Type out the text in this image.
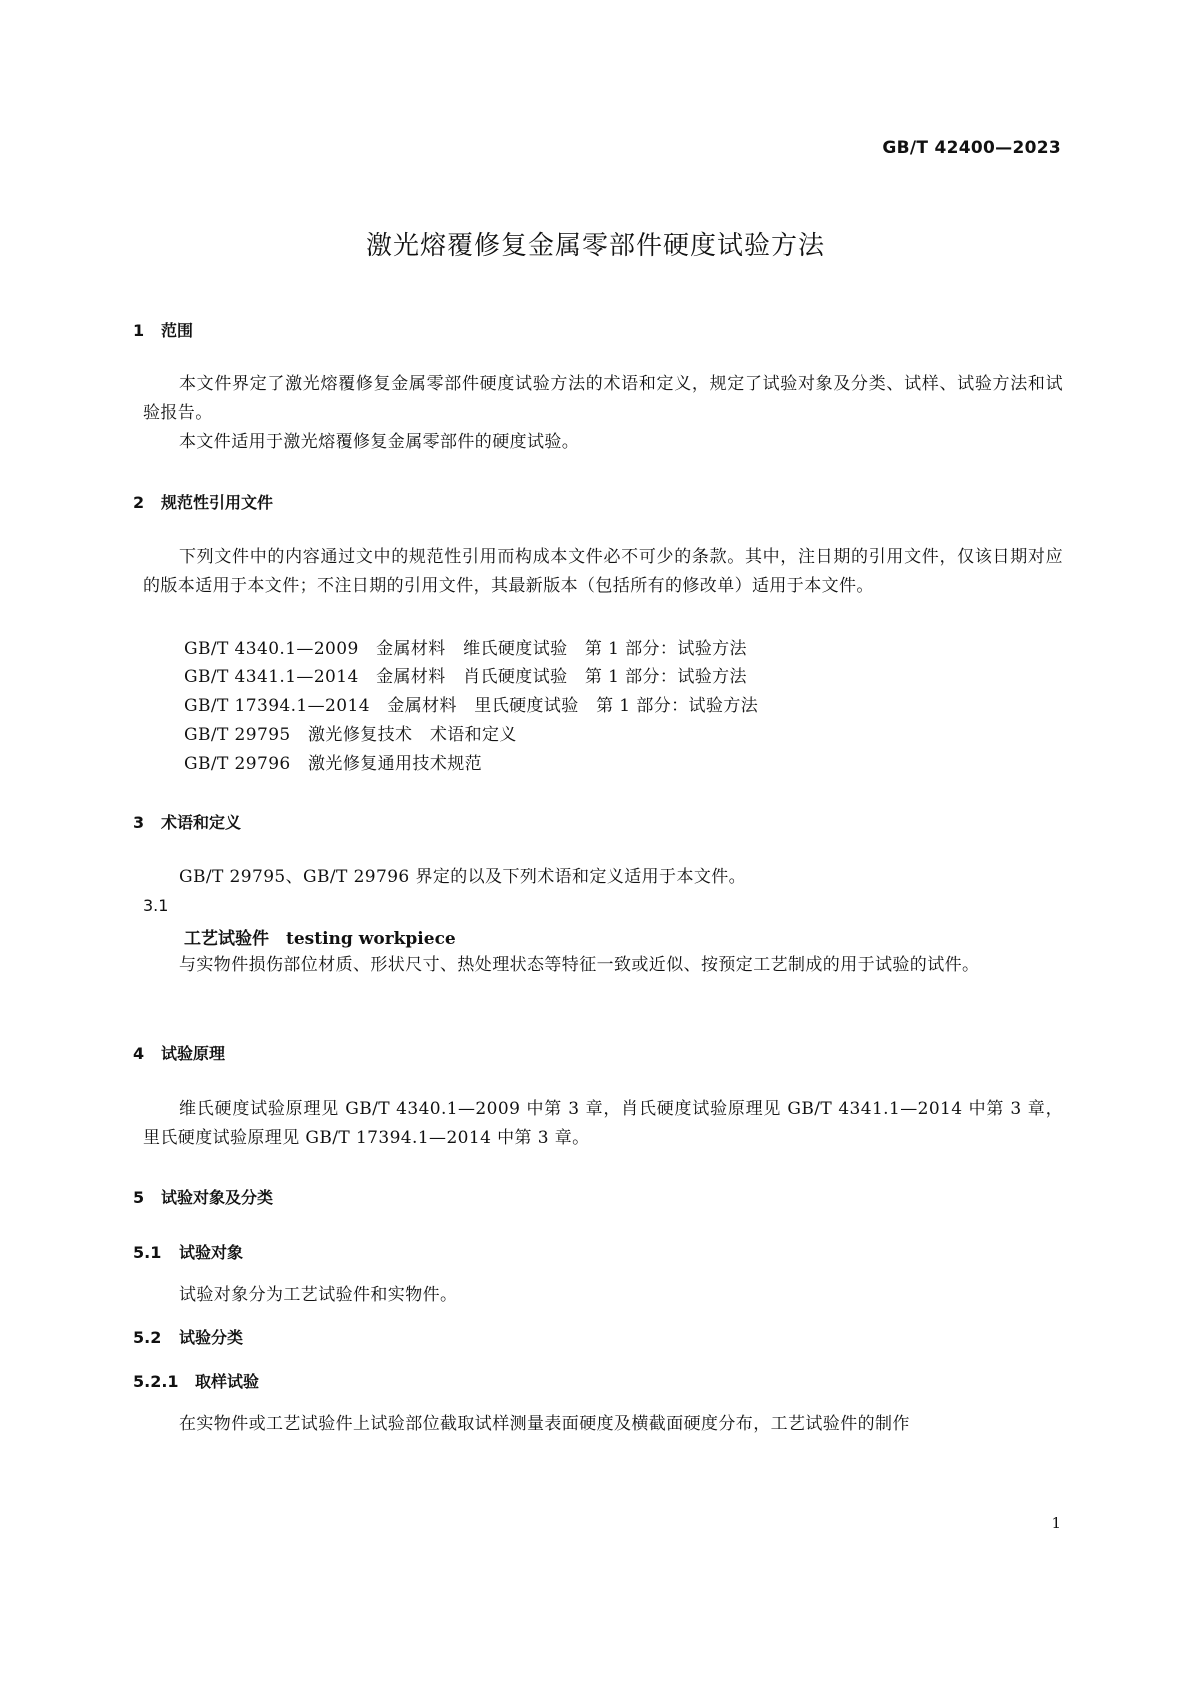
GB/T 42400—2023
激光熔覆修复金属零部件硬度试验方法
1 范围
本文件界定了激光熔覆修复金属零部件硬度试验方法的术语和定义，规定了试验对象及分类、试样、试验方法和试验报告。
本文件适用于激光熔覆修复金属零部件的硬度试验。
2 规范性引用文件
下列文件中的内容通过文中的规范性引用而构成本文件必不可少的条款。其中，注日期的引用文件，仅该日期对应的版本适用于本文件；不注日期的引用文件，其最新版本（包括所有的修改单）适用于本文件。
GB/T 4340.1—2009　金属材料　维氏硬度试验　第 1 部分：试验方法
GB/T 4341.1—2014　金属材料　肖氏硬度试验　第 1 部分：试验方法
GB/T 17394.1—2014　金属材料　里氏硬度试验　第 1 部分：试验方法
GB/T 29795　激光修复技术　术语和定义
GB/T 29796　激光修复通用技术规范
3 术语和定义
GB/T 29795、GB/T 29796 界定的以及下列术语和定义适用于本文件。
3.1
工艺试验件　testing workpiece
与实物件损伤部位材质、形状尺寸、热处理状态等特征一致或近似、按预定工艺制成的用于试验的试件。
4 试验原理
维氏硬度试验原理见 GB/T 4340.1—2009 中第 3 章，肖氏硬度试验原理见 GB/T 4341.1—2014 中第 3 章，里氏硬度试验原理见 GB/T 17394.1—2014 中第 3 章。
5 试验对象及分类
5.1 试验对象
试验对象分为工艺试验件和实物件。
5.2 试验分类
5.2.1 取样试验
在实物件或工艺试验件上试验部位截取试样测量表面硬度及横截面硬度分布，工艺试验件的制作
1
